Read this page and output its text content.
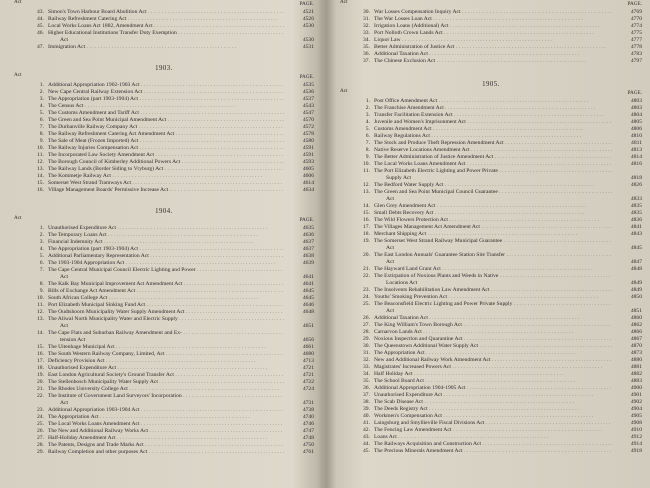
Act	PAGE.
43. Simon's Town Harbour Board Abolition Act . . .	4521
44. Railway Refreshment Catering Act . . .	4526
45. Local Works Loans Act 1882, Amendment Act . . .	4530
46. Higher Educational Institutions Transfer Duty Exemption . . .
Act	4530
47. Immigration Act . . .	4531
1903.
Act	PAGE.
1. Additional Appropriation 1902-1903 Act . . .	4535
2. New Cape Central Railway Extension Act . . .	4536
3. The Appropriation (part 1903-1904) Act . . .	4537
4. The Census Act . . .	4543
5. The Customs Amendment and Tariff Act . . .	4547
6. The Green and Sea Point Municipal Amendment Act . . .	4570
7. The Durbanville Railway Company Act . . .	4572
8. The Railway Refreshment Catering Act Amendment Act . . .	4578
9. The Sale of Meat (Frozen Imported) Act . . .	4580
10. The Railway Injuries Compensation Act . . .	4591
11. The Incorporated Law Society Amendment Act . . .	4591
12. The Borough Council of Kimberley Additional Powers Act . . .	4593
13. The Railway Lands (Border Siding to Vryburg) Act . . .	4605
14. The Kommetje Railway Act . . .	4606
15. Somerset West Strand Tramways Act . . .	4614
16. Village Management Boards' Permissive Increase Act . . .	4634
1904.
Act	PAGE.
1. Unauthorised Expenditure Act . . .	4635
2. The Temporary Loans Act . . .	4636
3. Financial Indemnity Act . . .	4637
4. The Appropriation (part 1903-1904) Act . . .	4637
5. Additional Parliamentary Representation Act . . .	4638
6. The 1903-1904 Appropriation Act . . .	4639
7. The Cape Central Municipal Council Electric Lighting and Power . . .
Act	4641
8. The Kalk Bay Municipal Improvement Act Amendment Act . . .	4641
9. Bills of Exchange Act Amendment Act . . .	4645
10. South African College Act . . .	4645
11. Port Elizabeth Municipal Sinking Fund Act . . .	4646
12. The Oudtshoorn Municipality Water Supply Amendment Act . . .	4648
13. The Aliwal North Municipality Water and Electric Supply . . .
Act	4651
14. The Cape Flats and Suburban Railway Amendment and Ex- . . .
tension Act	4656
15. The Uitenhage Municipal Act . . .	4661
16. The South Western Railway Company, Limited, Act . . .	4680
17. Deficiency Provision Act . . .	4713
18. Unauthorised Expenditure Act . . .	4721
19. East London Agricultural Society's Ground Transfer Act . . .	4721
20. The Stellenbosch Municipality Water Supply Act . . .	4722
21. The Rhodes University College Act . . .	4724
22. The Institute of Government Land Surveyors' Incorporation . . .
Act	4731
23. Additional Appropriation 1903-1904 Act . . .	4738
24. The Appropriation Act . . .	4740
25. The Local Works Loans Amendment Act . . .	4746
26. The New and Additional Railway Works Act . . .	4747
27. Half-Holiday Amendment Act . . .	4748
28. The Patents, Designs and Trade Marks Act . . .	4750
29. Railway Completion and other purposes Act . . .	4761
Act	PAGE.
30. War Losses Compensation Inquiry Act . . .	4769
31. The War Losses Loan Act . . .	4770
32. Irrigation Loans (Additional) Act . . .	4774
33. Port Nolloth Crown Lands Act . . .	4775
34. Liquor Law . . .	4777
35. Better Administration of Justice Act . . .	4778
36. Additional Taxation Act . . .	4783
37. The Chinese Exclusion Act . . .	4797
1905.
Act	PAGE.
1. Post Office Amendment Act . . .	4803
2. The Franchise Amendment Act . . .	4803
3. Transfer Facilitation Extension Act . . .	4804
4. Juvenile and Women's Imprisonment Act . . .	4805
5. Customs Amendment Act . . .	4806
6. Railway Regulations Act . . .	4810
7. The Stock and Produce Theft Repression Amendment Act . . .	4811
8. Native Reserve Locations Amendment Act . . .	4813
9. The Better Administration of Justice Amendment Act . . .	4814
10. The Local Works Loans Amendment Act . . .	4816
11. The Port Elizabeth Electric Lighting and Power Private . . .
Supply Act	4818
12. The Bedford Water Supply Act . . .	4826
13. The Green and Sea Point Municipal Council Guarantee . . .
Act	4833
14. Glen Grey Amendment Act . . .	4835
15. Small Debts Recovery Act . . .	4835
16. The Wild Flowers Protection Act . . .	4836
17. The Villages Management Act Amendment Act . . .	4841
18. Merchant Shipping Act . . .	4843
19. The Somerset West Strand Railway Municipal Guarantee . . .
Act	4845
20. The East London Annuals' Guarantee Station Site Transfer . . .
Act	4847
21. The Hayward Land Grant Act . . .	4848
22. The Extirpation of Noxious Plants and Weeds in Native . . .
Locations Act	4849
23. The Insolvents Rehabilitation Law Amendment Act . . .	4849
24. Youths' Smoking Prevention Act . . .	4850
25. The Beaconsfield Electric Lighting and Power Private Supply . . .
Act	4851
26. Additional Taxation Act . . .	4860
27. The King William's Town Borough Act . . .	4862
28. Carnarvon Lands Act . . .	4866
29. Noxious Inspection and Quarantine Act . . .	4867
30. The Queenstown Additional Water Supply Act . . .	4870
31. The Appropriation Act . . .	4873
32. New and Additional Railway Work Amendment Act . . .	4880
33. Magistrates' Increased Powers Act . . .	4881
34. Half Holiday Act . . .	4882
35. The School Board Act . . .	4883
36. Additional Appropriation 1904-1905 Act . . .	4900
37. Unauthorised Expenditure Act . . .	4901
38. The Scab Disease Act . . .	4902
39. The Deeds Registry Act . . .	4904
40. Workmen's Compensation Act . . .	4905
41. Laingsburg and Smyllieville Fiscal Divisions Act . . .	4908
42. The Fencing Law Amendment Act . . .	4910
43. Loans Act . . .	4912
44. The Railways Acquisition and Construction Act . . .	4914
45. The Precious Minerals Amendment Act . . .	4918
